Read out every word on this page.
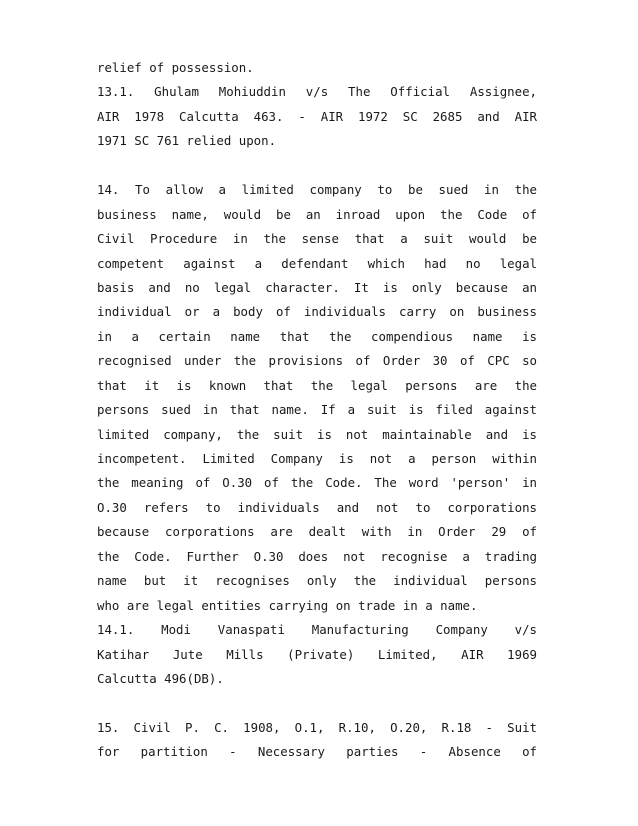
relief of possession.
13.1. Ghulam Mohiuddin v/s The Official Assignee,
AIR 1978 Calcutta 463. - AIR 1972 SC 2685 and AIR
1971 SC 761 relied upon.
14. To allow a limited company to be sued in the
business name, would be an inroad upon the Code of
Civil Procedure in the sense that a suit would be
competent against a defendant which had no legal
basis and no legal character. It is only because an
individual or a body of individuals carry on business
in a certain name that the compendious name is
recognised under the provisions of Order 30 of CPC so
that it is known that the legal persons are the
persons sued in that name. If a suit is filed against
limited company, the suit is not maintainable and is
incompetent. Limited Company is not a person within
the meaning of O.30 of the Code. The word 'person' in
O.30 refers to individuals and not to corporations
because corporations are dealt with in Order 29 of
the Code. Further O.30 does not recognise a trading
name but it recognises only the individual persons
who are legal entities carrying on trade in a name.
14.1. Modi Vanaspati Manufacturing Company v/s
Katihar Jute Mills (Private) Limited, AIR 1969
Calcutta 496(DB).
15. Civil P. C. 1908, O.1, R.10, O.20, R.18 - Suit
for partition - Necessary parties - Absence of
